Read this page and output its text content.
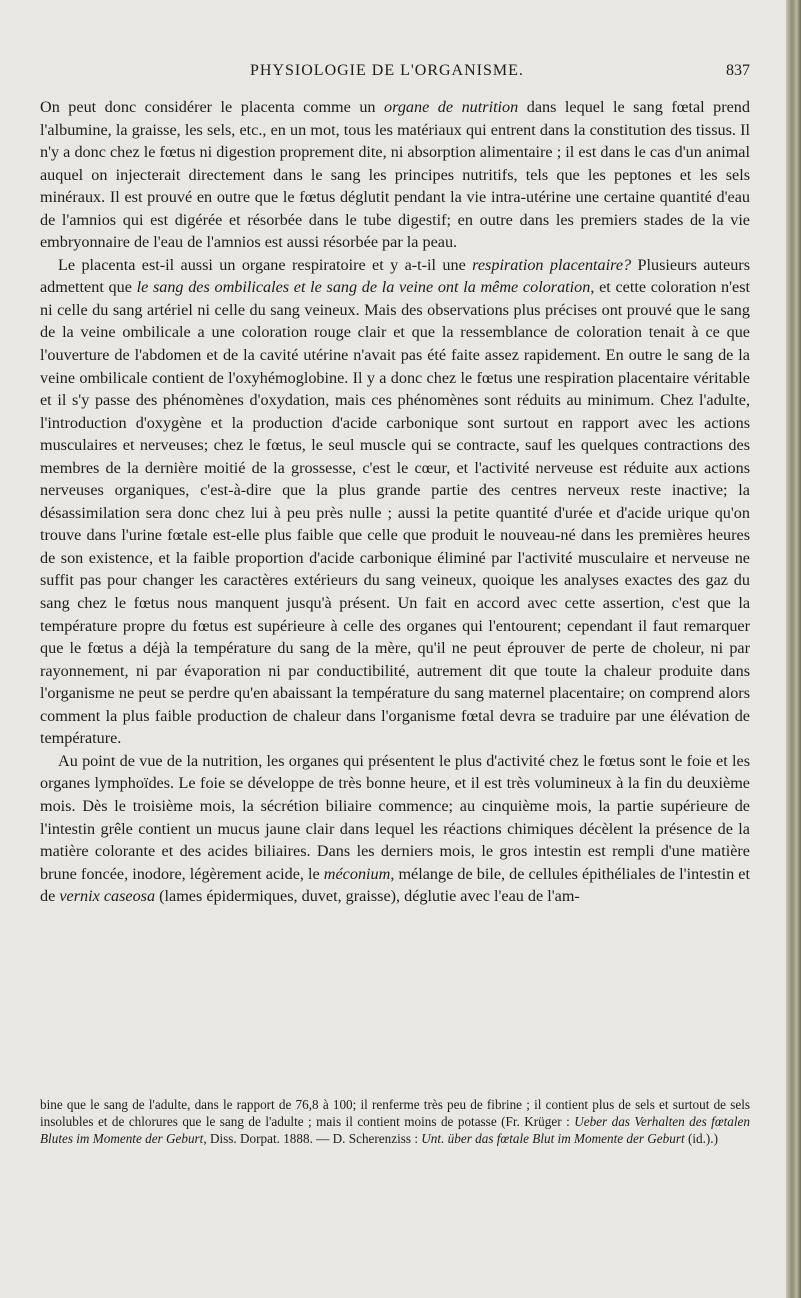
PHYSIOLOGIE DE L'ORGANISME.	837

On peut donc considérer le placenta comme un organe de nutrition dans lequel le sang fœtal prend l'albumine, la graisse, les sels, etc., en un mot, tous les matériaux qui entrent dans la constitution des tissus. Il n'y a donc chez le fœtus ni digestion proprement dite, ni absorption alimentaire ; il est dans le cas d'un animal auquel on injecterait directement dans le sang les principes nutritifs, tels que les peptones et les sels minéraux. Il est prouvé en outre que le fœtus déglutit pendant la vie intra-utérine une certaine quantité d'eau de l'amnios qui est digérée et résorbée dans le tube digestif; en outre dans les premiers stades de la vie embryonnaire de l'eau de l'amnios est aussi résorbée par la peau.

Le placenta est-il aussi un organe respiratoire et y a-t-il une respiration placentaire? Plusieurs auteurs admettent que le sang des ombilicales et le sang de la veine ont la même coloration, et cette coloration n'est ni celle du sang artériel ni celle du sang veineux. Mais des observations plus précises ont prouvé que le sang de la veine ombilicale a une coloration rouge clair et que la ressemblance de coloration tenait à ce que l'ouverture de l'abdomen et de la cavité utérine n'avait pas été faite assez rapidement. En outre le sang de la veine ombilicale contient de l'oxyhémoglobine. Il y a donc chez le fœtus une respiration placentaire véritable et il s'y passe des phénomènes d'oxydation, mais ces phénomènes sont réduits au minimum. Chez l'adulte, l'introduction d'oxygène et la production d'acide carbonique sont surtout en rapport avec les actions musculaires et nerveuses; chez le fœtus, le seul muscle qui se contracte, sauf les quelques contractions des membres de la dernière moitié de la grossesse, c'est le cœur, et l'activité nerveuse est réduite aux actions nerveuses organiques, c'est-à-dire que la plus grande partie des centres nerveux reste inactive; la désassimilation sera donc chez lui à peu près nulle ; aussi la petite quantité d'urée et d'acide urique qu'on trouve dans l'urine fœtale est-elle plus faible que celle que produit le nouveau-né dans les premières heures de son existence, et la faible proportion d'acide carbonique éliminé par l'activité musculaire et nerveuse ne suffit pas pour changer les caractères extérieurs du sang veineux, quoique les analyses exactes des gaz du sang chez le fœtus nous manquent jusqu'à présent. Un fait en accord avec cette assertion, c'est que la température propre du fœtus est supérieure à celle des organes qui l'entourent; cependant il faut remarquer que le fœtus a déjà la température du sang de la mère, qu'il ne peut éprouver de perte de choleur, ni par rayonnement, ni par évaporation ni par conductibilité, autrement dit que toute la chaleur produite dans l'organisme ne peut se perdre qu'en abaissant la température du sang maternel placentaire; on comprend alors comment la plus faible production de chaleur dans l'organisme fœtal devra se traduire par une élévation de température.

Au point de vue de la nutrition, les organes qui présentent le plus d'activité chez le fœtus sont le foie et les organes lymphoïdes. Le foie se développe de très bonne heure, et il est très volumineux à la fin du deuxième mois. Dès le troisième mois, la sécrétion biliaire commence; au cinquième mois, la partie supérieure de l'intestin grêle contient un mucus jaune clair dans lequel les réactions chimiques décèlent la présence de la matière colorante et des acides biliaires. Dans les derniers mois, le gros intestin est rempli d'une matière brune foncée, inodore, légèrement acide, le méconium, mélange de bile, de cellules épithéliales de l'intestin et de vernix caseosa (lames épidermiques, duvet, graisse), déglutie avec l'eau de l'am-

bine que le sang de l'adulte, dans le rapport de 76,8 à 100; il renferme très peu de fibrine ; il contient plus de sels et surtout de sels insolubles et de chlorures que le sang de l'adulte ; mais il contient moins de potasse (Fr. Krüger : Ueber das Verhalten des fœtalen Blutes im Momente der Geburt, Diss. Dorpat. 1888. — D. Scherenziss : Unt. über das fœtale Blut im Momente der Geburt (id.).)
